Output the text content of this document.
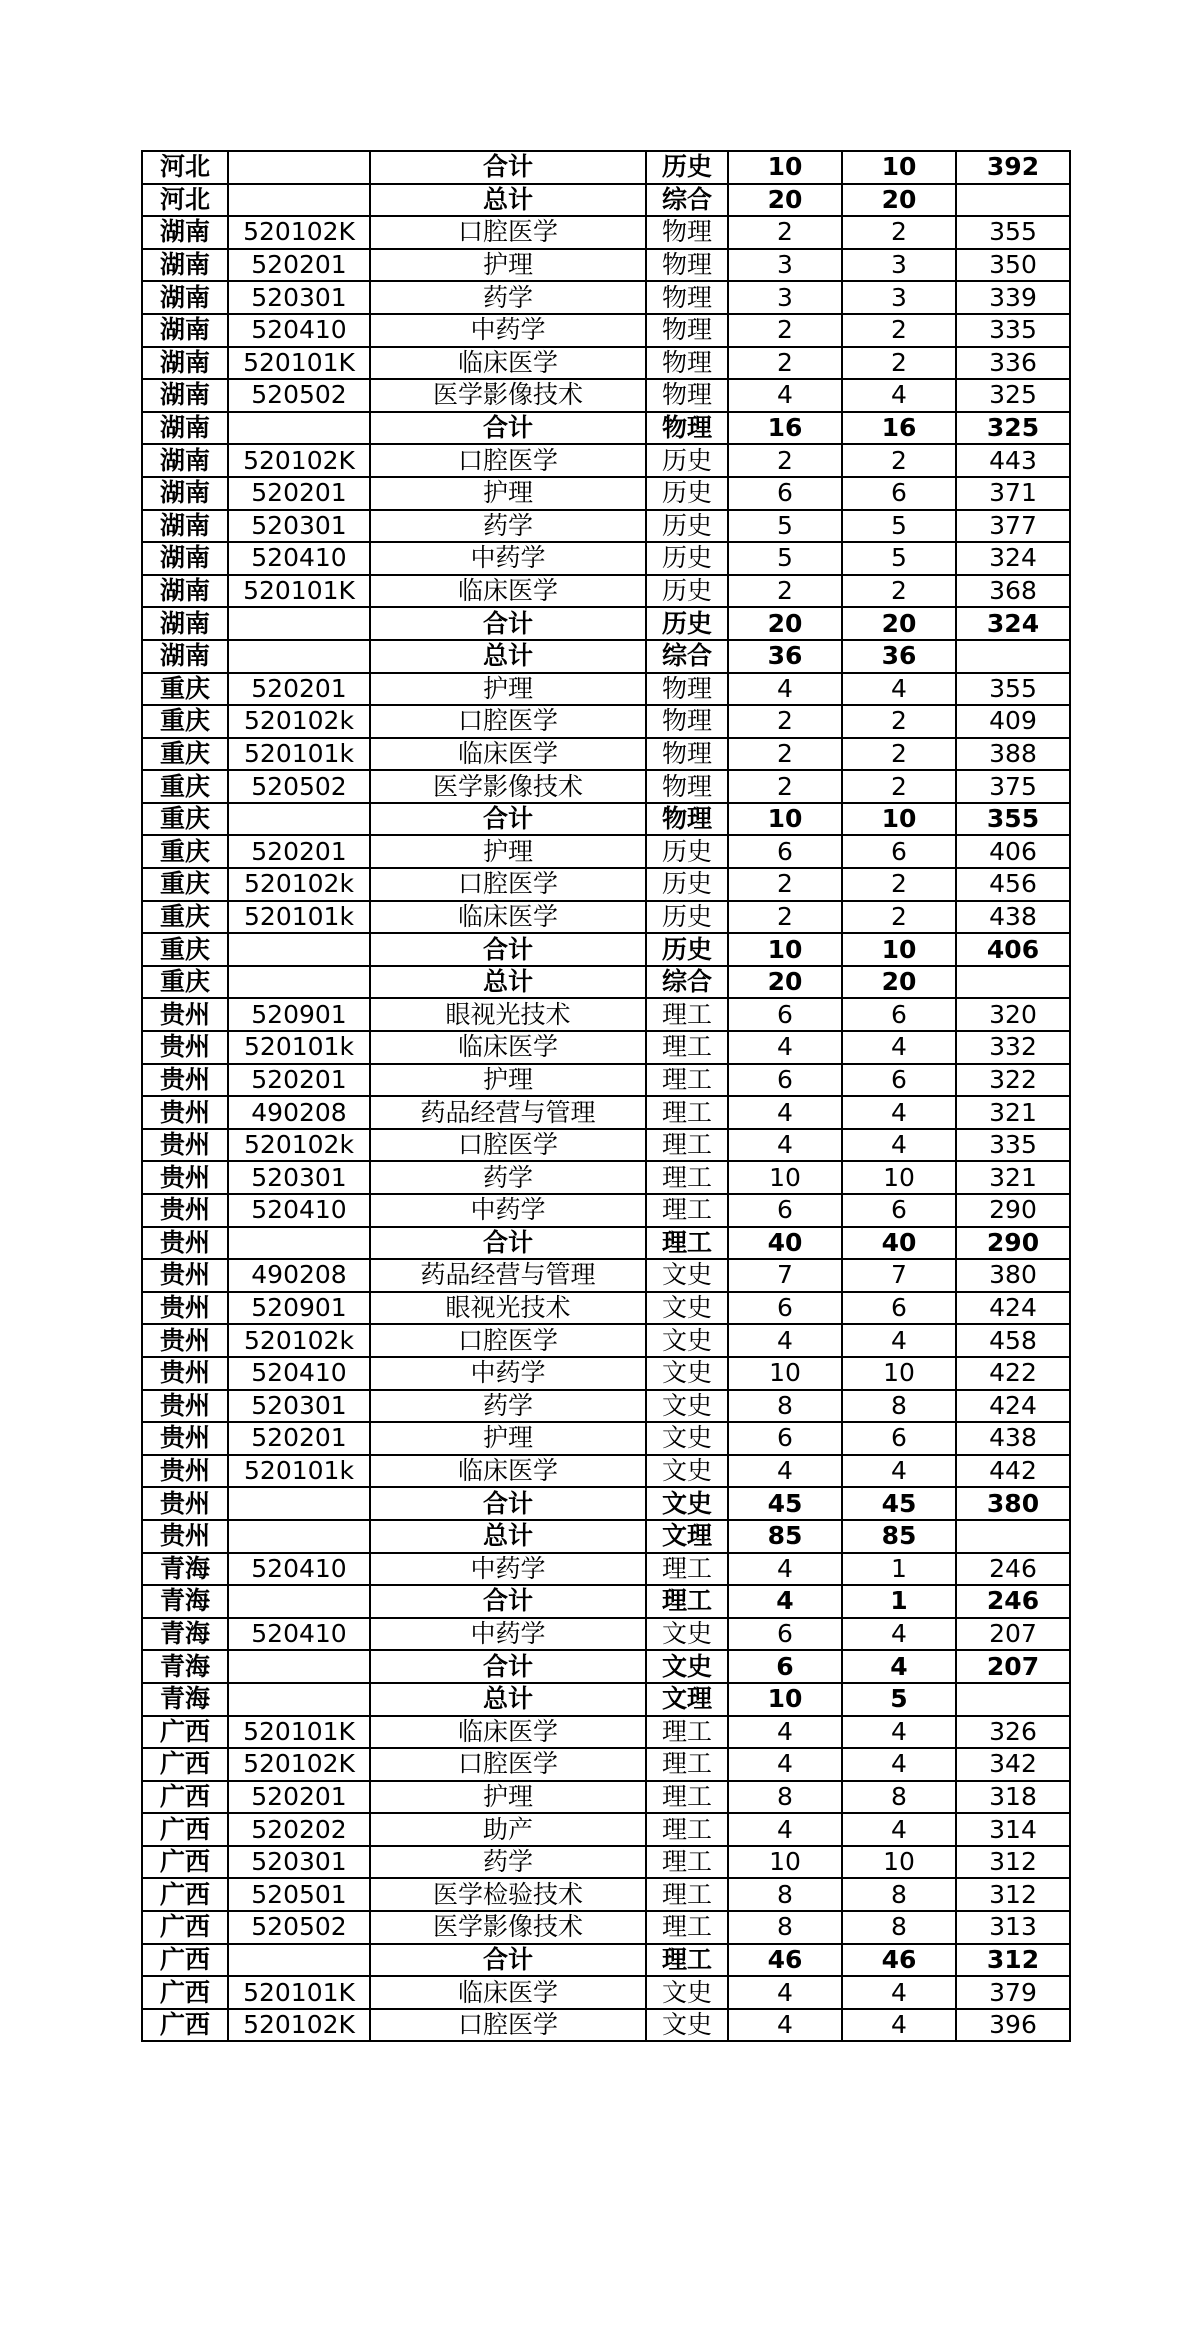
河北		合计	历史	10	10	392
河北		总计	综合	20	20	
湖南	520102K	口腔医学	物理	2	2	355
湖南	520201	护理	物理	3	3	350
湖南	520301	药学	物理	3	3	339
湖南	520410	中药学	物理	2	2	335
湖南	520101K	临床医学	物理	2	2	336
湖南	520502	医学影像技术	物理	4	4	325
湖南		合计	物理	16	16	325
湖南	520102K	口腔医学	历史	2	2	443
湖南	520201	护理	历史	6	6	371
湖南	520301	药学	历史	5	5	377
湖南	520410	中药学	历史	5	5	324
湖南	520101K	临床医学	历史	2	2	368
湖南		合计	历史	20	20	324
湖南		总计	综合	36	36	
重庆	520201	护理	物理	4	4	355
重庆	520102k	口腔医学	物理	2	2	409
重庆	520101k	临床医学	物理	2	2	388
重庆	520502	医学影像技术	物理	2	2	375
重庆		合计	物理	10	10	355
重庆	520201	护理	历史	6	6	406
重庆	520102k	口腔医学	历史	2	2	456
重庆	520101k	临床医学	历史	2	2	438
重庆		合计	历史	10	10	406
重庆		总计	综合	20	20	
贵州	520901	眼视光技术	理工	6	6	320
贵州	520101k	临床医学	理工	4	4	332
贵州	520201	护理	理工	6	6	322
贵州	490208	药品经营与管理	理工	4	4	321
贵州	520102k	口腔医学	理工	4	4	335
贵州	520301	药学	理工	10	10	321
贵州	520410	中药学	理工	6	6	290
贵州		合计	理工	40	40	290
贵州	490208	药品经营与管理	文史	7	7	380
贵州	520901	眼视光技术	文史	6	6	424
贵州	520102k	口腔医学	文史	4	4	458
贵州	520410	中药学	文史	10	10	422
贵州	520301	药学	文史	8	8	424
贵州	520201	护理	文史	6	6	438
贵州	520101k	临床医学	文史	4	4	442
贵州		合计	文史	45	45	380
贵州		总计	文理	85	85	
青海	520410	中药学	理工	4	1	246
青海		合计	理工	4	1	246
青海	520410	中药学	文史	6	4	207
青海		合计	文史	6	4	207
青海		总计	文理	10	5	
广西	520101K	临床医学	理工	4	4	326
广西	520102K	口腔医学	理工	4	4	342
广西	520201	护理	理工	8	8	318
广西	520202	助产	理工	4	4	314
广西	520301	药学	理工	10	10	312
广西	520501	医学检验技术	理工	8	8	312
广西	520502	医学影像技术	理工	8	8	313
广西		合计	理工	46	46	312
广西	520101K	临床医学	文史	4	4	379
广西	520102K	口腔医学	文史	4	4	396
